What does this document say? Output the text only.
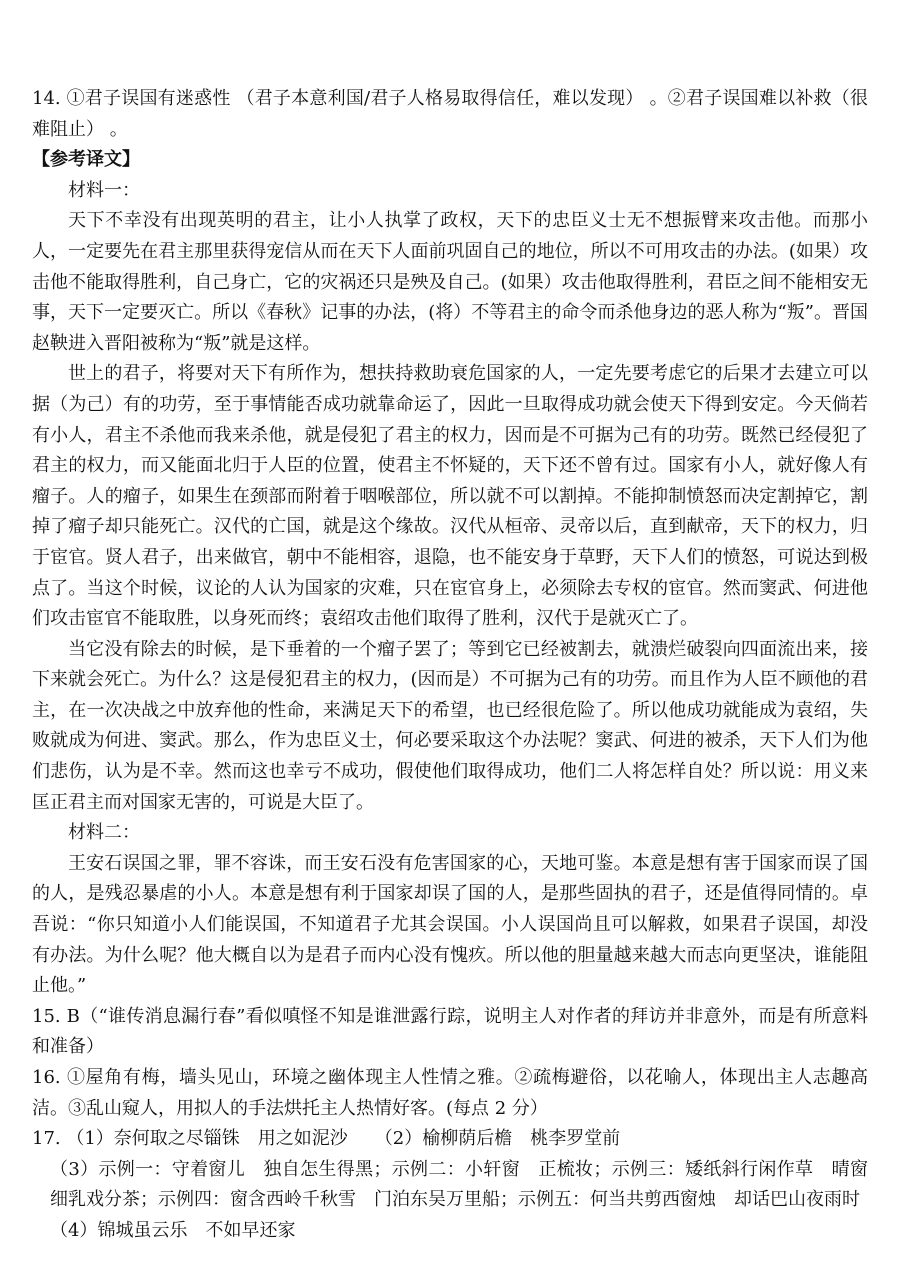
14. ①君子误国有迷惑性 （君子本意利国/君子人格易取得信任，难以发现） 。②君子误国难以补救（很难阻止） 。

【参考译文】

材料一：

天下不幸没有出现英明的君主，让小人执掌了政权，天下的忠臣义士无不想振臂来攻击他。而那小人，一定要先在君主那里获得宠信从而在天下人面前巩固自己的地位，所以不可用攻击的办法。(如果）攻击他不能取得胜利，自己身亡，它的灾祸还只是殃及自己。(如果）攻击他取得胜利，君臣之间不能相安无事，天下一定要灭亡。所以《春秋》记事的办法，(将）不等君主的命令而杀他身边的恶人称为“叛”。晋国赵鞅进入晋阳被称为“叛”就是这样。

世上的君子，将要对天下有所作为，想扶持救助衰危国家的人，一定先要考虑它的后果才去建立可以据（为己）有的功劳，至于事情能否成功就靠命运了，因此一旦取得成功就会使天下得到安定。今天倘若有小人，君主不杀他而我来杀他，就是侵犯了君主的权力，因而是不可据为己有的功劳。既然已经侵犯了君主的权力，而又能面北归于人臣的位置，使君主不怀疑的，天下还不曾有过。国家有小人，就好像人有瘤子。人的瘤子，如果生在颈部而附着于咽喉部位，所以就不可以割掉。不能抑制愤怒而决定割掉它，割掉了瘤子却只能死亡。汉代的亡国，就是这个缘故。汉代从桓帝、灵帝以后，直到献帝，天下的权力，归于宦官。贤人君子，出来做官，朝中不能相容，退隐，也不能安身于草野，天下人们的愤怒，可说达到极点了。当这个时候，议论的人认为国家的灾难，只在宦官身上，必须除去专权的宦官。然而窦武、何进他们攻击宦官不能取胜，以身死而终；袁绍攻击他们取得了胜利，汉代于是就灭亡了。

当它没有除去的时候，是下垂着的一个瘤子罢了；等到它已经被割去，就溃烂破裂向四面流出来，接下来就会死亡。为什么？这是侵犯君主的权力，(因而是）不可据为己有的功劳。而且作为人臣不顾他的君主，在一次决战之中放弃他的性命，来满足天下的希望，也已经很危险了。所以他成功就能成为袁绍，失败就成为何进、窦武。那么，作为忠臣义士，何必要采取这个办法呢？窦武、何进的被杀，天下人们为他们悲伤，认为是不幸。然而这也幸亏不成功，假使他们取得成功，他们二人将怎样自处？所以说：用义来匡正君主而对国家无害的，可说是大臣了。

材料二：

王安石误国之罪，罪不容诛，而王安石没有危害国家的心，天地可鉴。本意是想有害于国家而误了国的人，是残忍暴虐的小人。本意是想有利于国家却误了国的人，是那些固执的君子，还是值得同情的。卓吾说：“你只知道小人们能误国，不知道君子尤其会误国。小人误国尚且可以解救，如果君子误国，却没有办法。为什么呢？他大概自以为是君子而内心没有愧疚。所以他的胆量越来越大而志向更坚决，谁能阻止他。”

15. B（“谁传消息漏行春”看似嗔怪不知是谁泄露行踪，说明主人对作者的拜访并非意外，而是有所意料和准备）

16. ①屋角有梅，墙头见山，环境之幽体现主人性情之雅。②疏梅避俗，以花喻人，体现出主人志趣高洁。③乱山窥人，用拟人的手法烘托主人热情好客。(每点 2 分）

17. （1）奈何取之尽锱铢　用之如泥沙　　（2）榆柳荫后檐　桃李罗堂前

（3）示例一：守着窗儿　独自怎生得黑；示例二：小轩窗　正梳妆；示例三：矮纸斜行闲作草　晴窗细乳戏分茶；示例四：窗含西岭千秋雪　门泊东吴万里船；示例五：何当共剪西窗烛　却话巴山夜雨时

（4）锦城虽云乐　不如早还家
